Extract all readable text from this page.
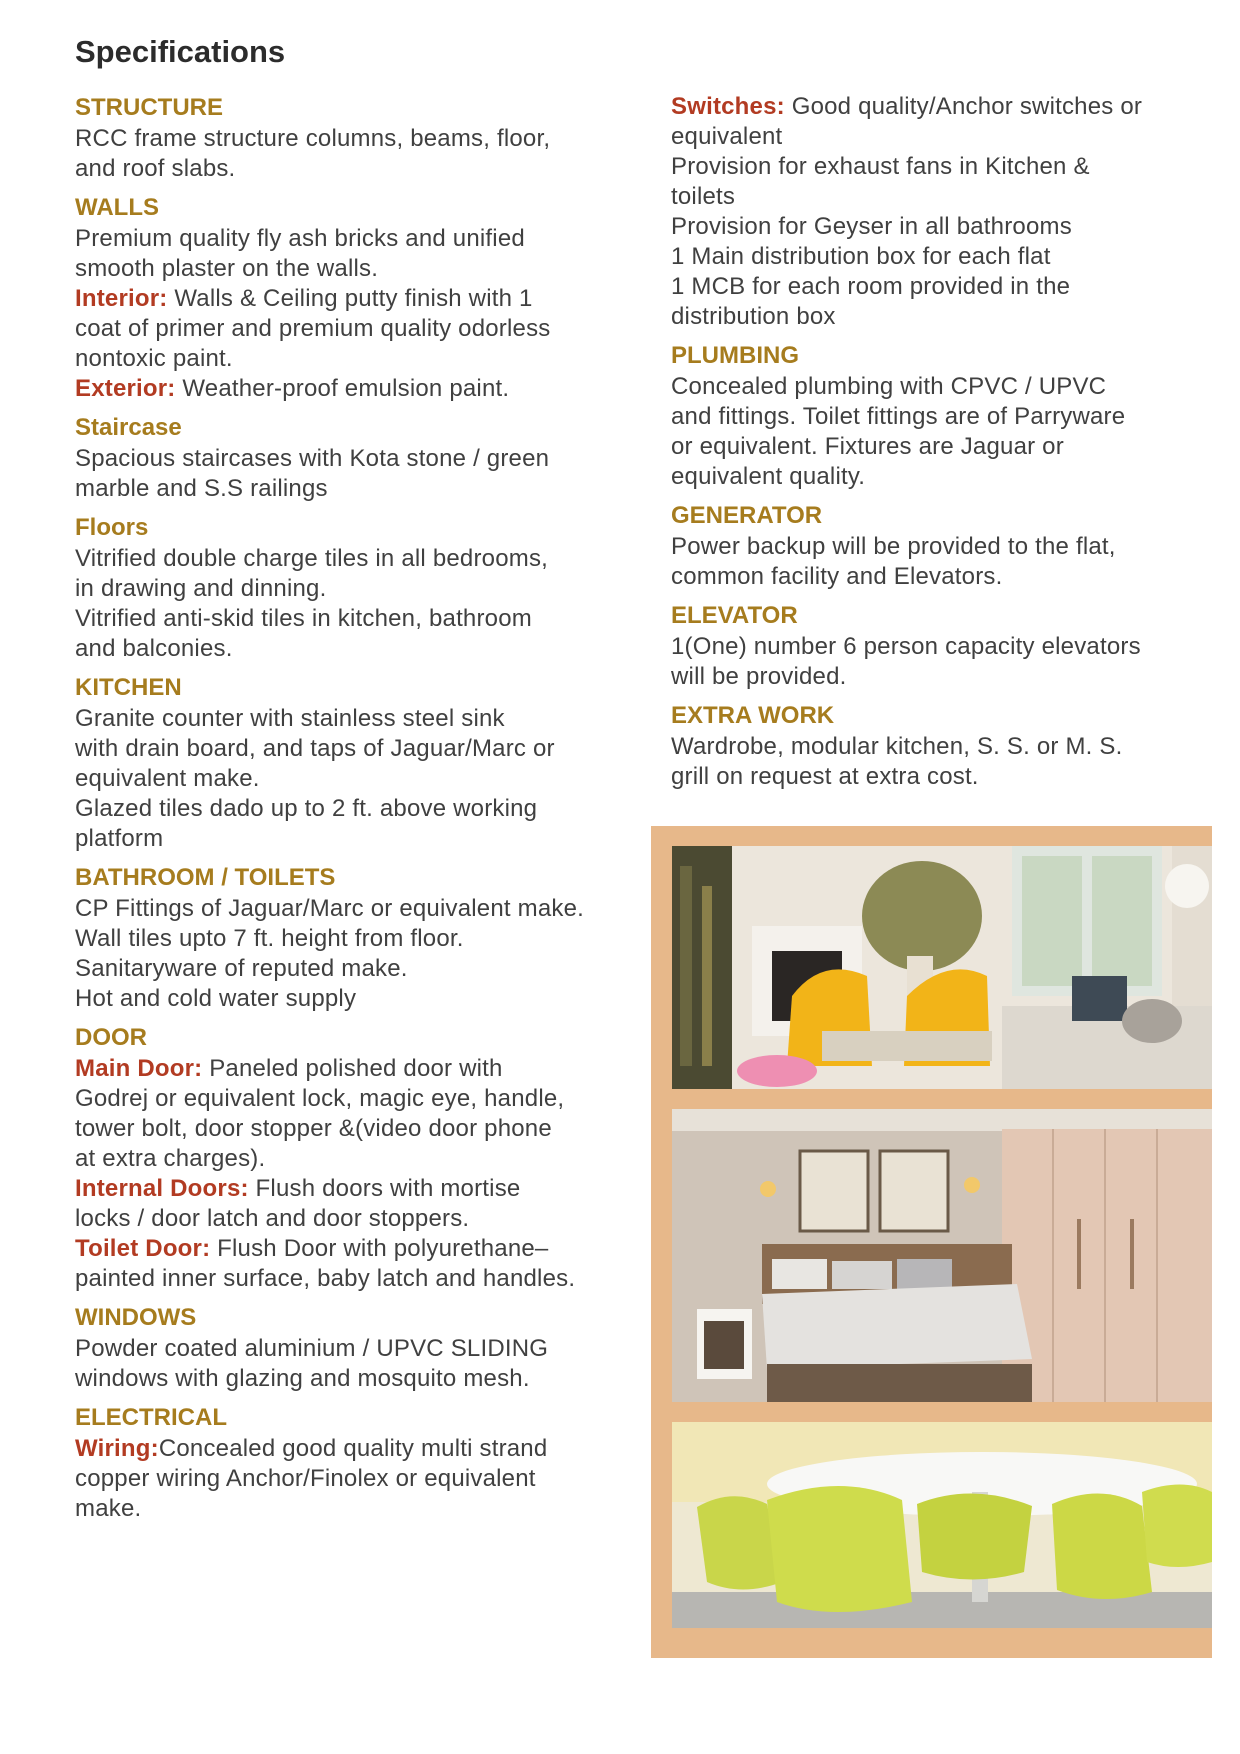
Specifications
STRUCTURE

RCC frame structure columns, beams, floor,

and roof slabs.

WALLS

Premium quality fly ash bricks and unified

smooth plaster on the walls.

Interior: Walls & Ceiling putty finish with 1

coat of primer and premium quality odorless

nontoxic paint.

Exterior: Weather-proof emulsion paint.

Staircase

Spacious staircases with Kota stone / green

marble and S.S railings

Floors

Vitrified double charge tiles in all bedrooms,

in drawing and dinning.

Vitrified anti-skid tiles in kitchen, bathroom

and balconies.

KITCHEN

Granite counter with stainless steel sink

with drain board, and taps of Jaguar/Marc or

equivalent make.

Glazed tiles dado up to 2 ft. above working

platform

BATHROOM / TOILETS

CP Fittings of Jaguar/Marc or equivalent make.

Wall tiles upto 7 ft. height from floor.

Sanitaryware of reputed make.

Hot and cold water supply

DOOR

Main Door: Paneled polished door with

Godrej or equivalent lock, magic eye, handle,

tower bolt, door stopper &(video door phone

at extra charges).

Internal Doors: Flush doors with mortise

locks / door latch and door stoppers.

Toilet Door: Flush Door with polyurethane–

painted inner surface, baby latch and handles.

WINDOWS

Powder coated aluminium / UPVC SLIDING

windows with glazing and mosquito mesh.

ELECTRICAL

Wiring:Concealed good quality multi strand

copper wiring Anchor/Finolex or equivalent

make.

Switches: Good quality/Anchor switches or

equivalent

Provision for exhaust fans in Kitchen &

toilets

Provision for Geyser in all bathrooms

1 Main distribution box for each flat

1 MCB for each room provided in the

distribution box

PLUMBING

Concealed plumbing with CPVC / UPVC

and fittings. Toilet fittings are of Parryware

or equivalent. Fixtures are Jaguar or

equivalent quality.

GENERATOR

Power backup will be provided to the flat,

common facility and Elevators.

ELEVATOR

1(One) number 6 person capacity elevators

will be provided.

EXTRA WORK

Wardrobe, modular kitchen, S. S. or M. S.

grill on request at extra cost.
